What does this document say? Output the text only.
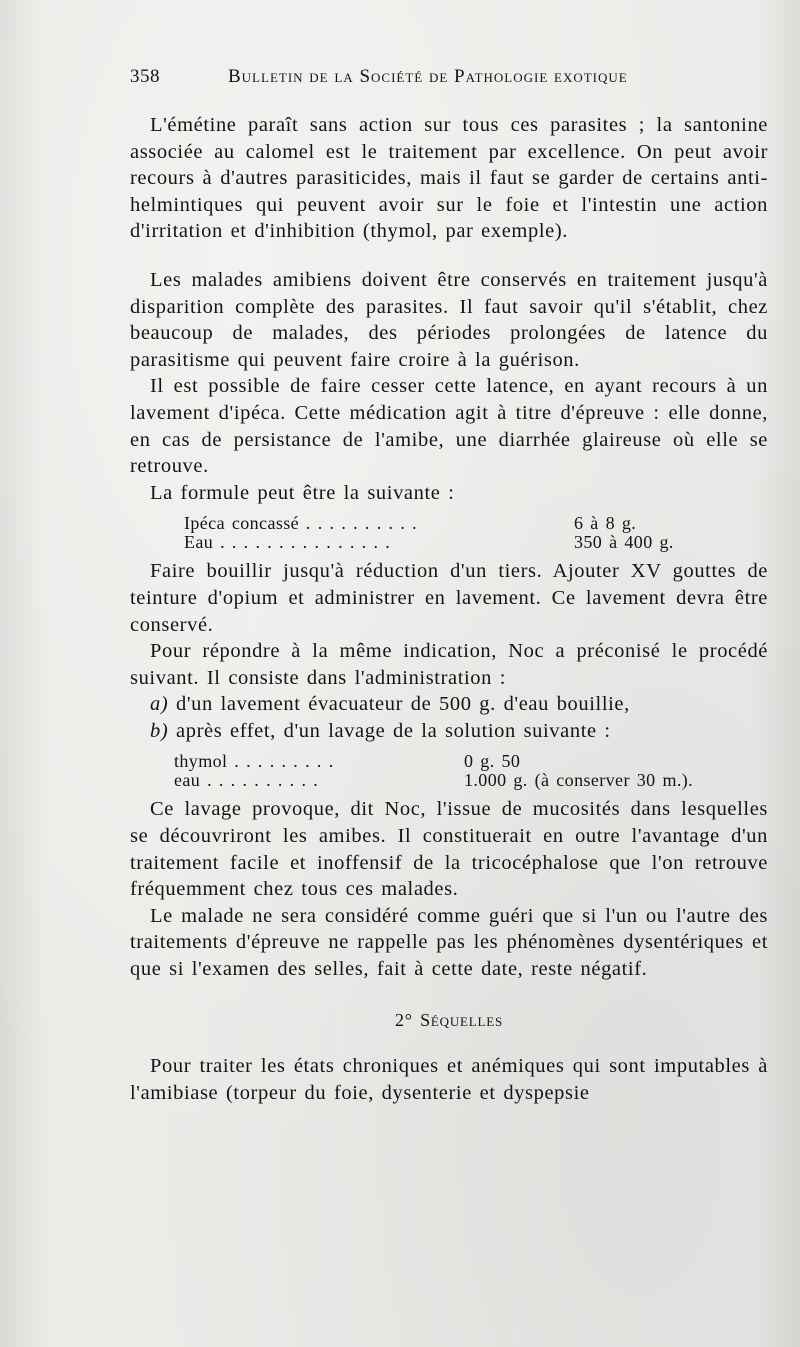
358	Bulletin de la Société de Pathologie exotique

L'émétine paraît sans action sur tous ces parasites ; la santonine associée au calomel est le traitement par excellence. On peut avoir recours à d'autres parasiticides, mais il faut se garder de certains anti-helmintiques qui peuvent avoir sur le foie et l'intestin une action d'irritation et d'inhibition (thymol, par exemple).

Les malades amibiens doivent être conservés en traitement jusqu'à disparition complète des parasites. Il faut savoir qu'il s'établit, chez beaucoup de malades, des périodes prolongées de latence du parasitisme qui peuvent faire croire à la guérison.

Il est possible de faire cesser cette latence, en ayant recours à un lavement d'ipéca. Cette médication agit à titre d'épreuve : elle donne, en cas de persistance de l'amibe, une diarrhée glaireuse où elle se retrouve.

La formule peut être la suivante :

Ipéca concassé . . . . . . . . . .	6 à 8 g.
Eau . . . . . . . . . . . . . . .	350 à 400 g.

Faire bouillir jusqu'à réduction d'un tiers. Ajouter XV gouttes de teinture d'opium et administrer en lavement. Ce lavement devra être conservé.

Pour répondre à la même indication, Noc a préconisé le procédé suivant. Il consiste dans l'administration :

a) d'un lavement évacuateur de 500 g. d'eau bouillie,

b) après effet, d'un lavage de la solution suivante :

thymol . . . . . . . . .	0 g. 50
eau . . . . . . . . . .	1.000 g. (à conserver 30 m.).

Ce lavage provoque, dit Noc, l'issue de mucosités dans lesquelles se découvriront les amibes. Il constituerait en outre l'avantage d'un traitement facile et inoffensif de la tricocéphalose que l'on retrouve fréquemment chez tous ces malades.

Le malade ne sera considéré comme guéri que si l'un ou l'autre des traitements d'épreuve ne rappelle pas les phénomènes dysentériques et que si l'examen des selles, fait à cette date, reste négatif.

2° Séquelles

Pour traiter les états chroniques et anémiques qui sont imputables à l'amibiase (torpeur du foie, dysenterie et dyspepsie
